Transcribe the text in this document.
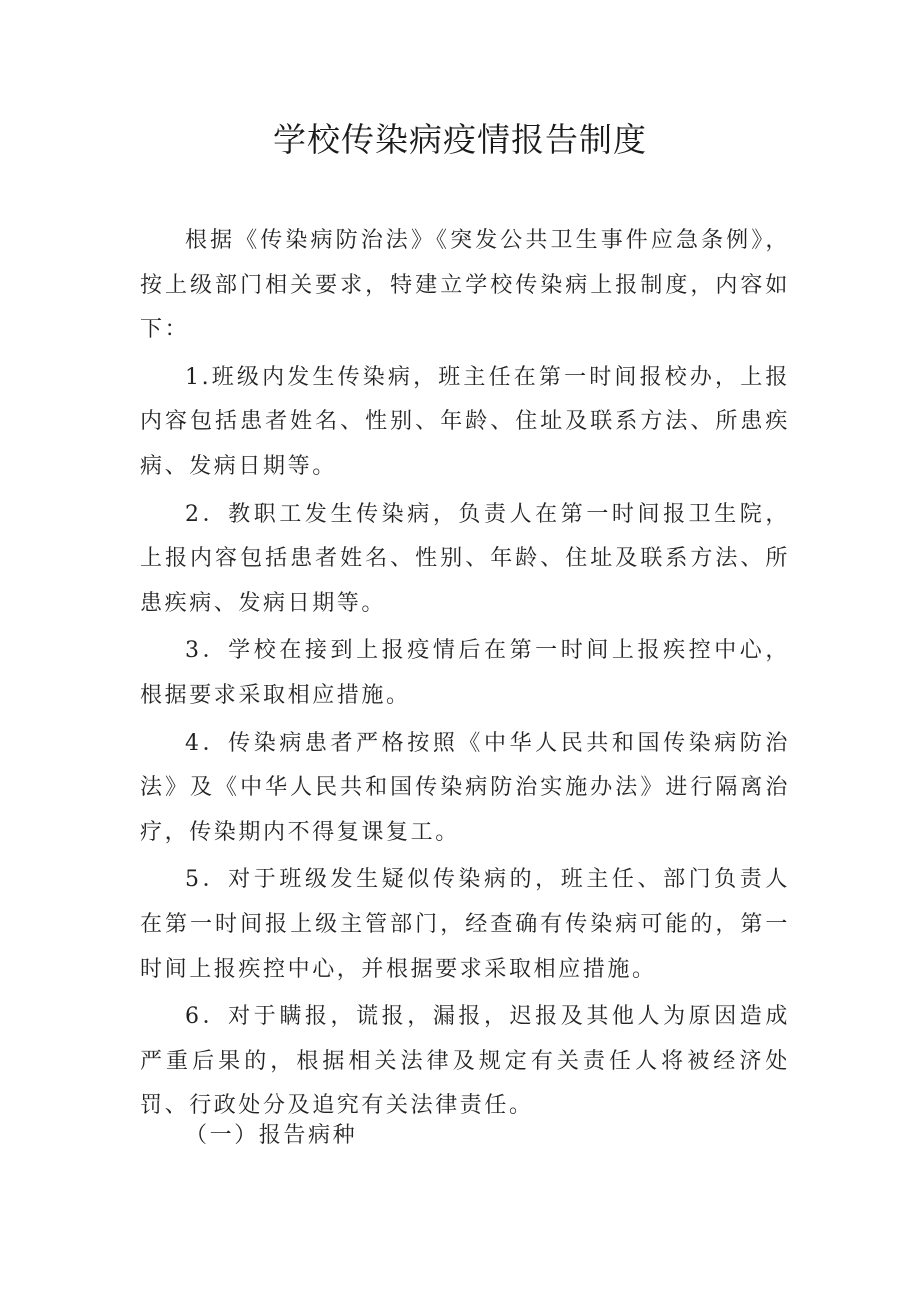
学校传染病疫情报告制度

根据《传染病防治法》《突发公共卫生事件应急条例》，按上级部门相关要求，特建立学校传染病上报制度，内容如下：

1.班级内发生传染病，班主任在第一时间报校办，上报内容包括患者姓名、性别、年龄、住址及联系方法、所患疾病、发病日期等。

2．教职工发生传染病，负责人在第一时间报卫生院，上报内容包括患者姓名、性别、年龄、住址及联系方法、所患疾病、发病日期等。

3．学校在接到上报疫情后在第一时间上报疾控中心，根据要求采取相应措施。

4．传染病患者严格按照《中华人民共和国传染病防治法》及《中华人民共和国传染病防治实施办法》进行隔离治疗，传染期内不得复课复工。

5．对于班级发生疑似传染病的，班主任、部门负责人在第一时间报上级主管部门，经查确有传染病可能的，第一时间上报疾控中心，并根据要求采取相应措施。

6．对于瞒报，谎报，漏报，迟报及其他人为原因造成严重后果的，根据相关法律及规定有关责任人将被经济处罚、行政处分及追究有关法律责任。

（一）报告病种
